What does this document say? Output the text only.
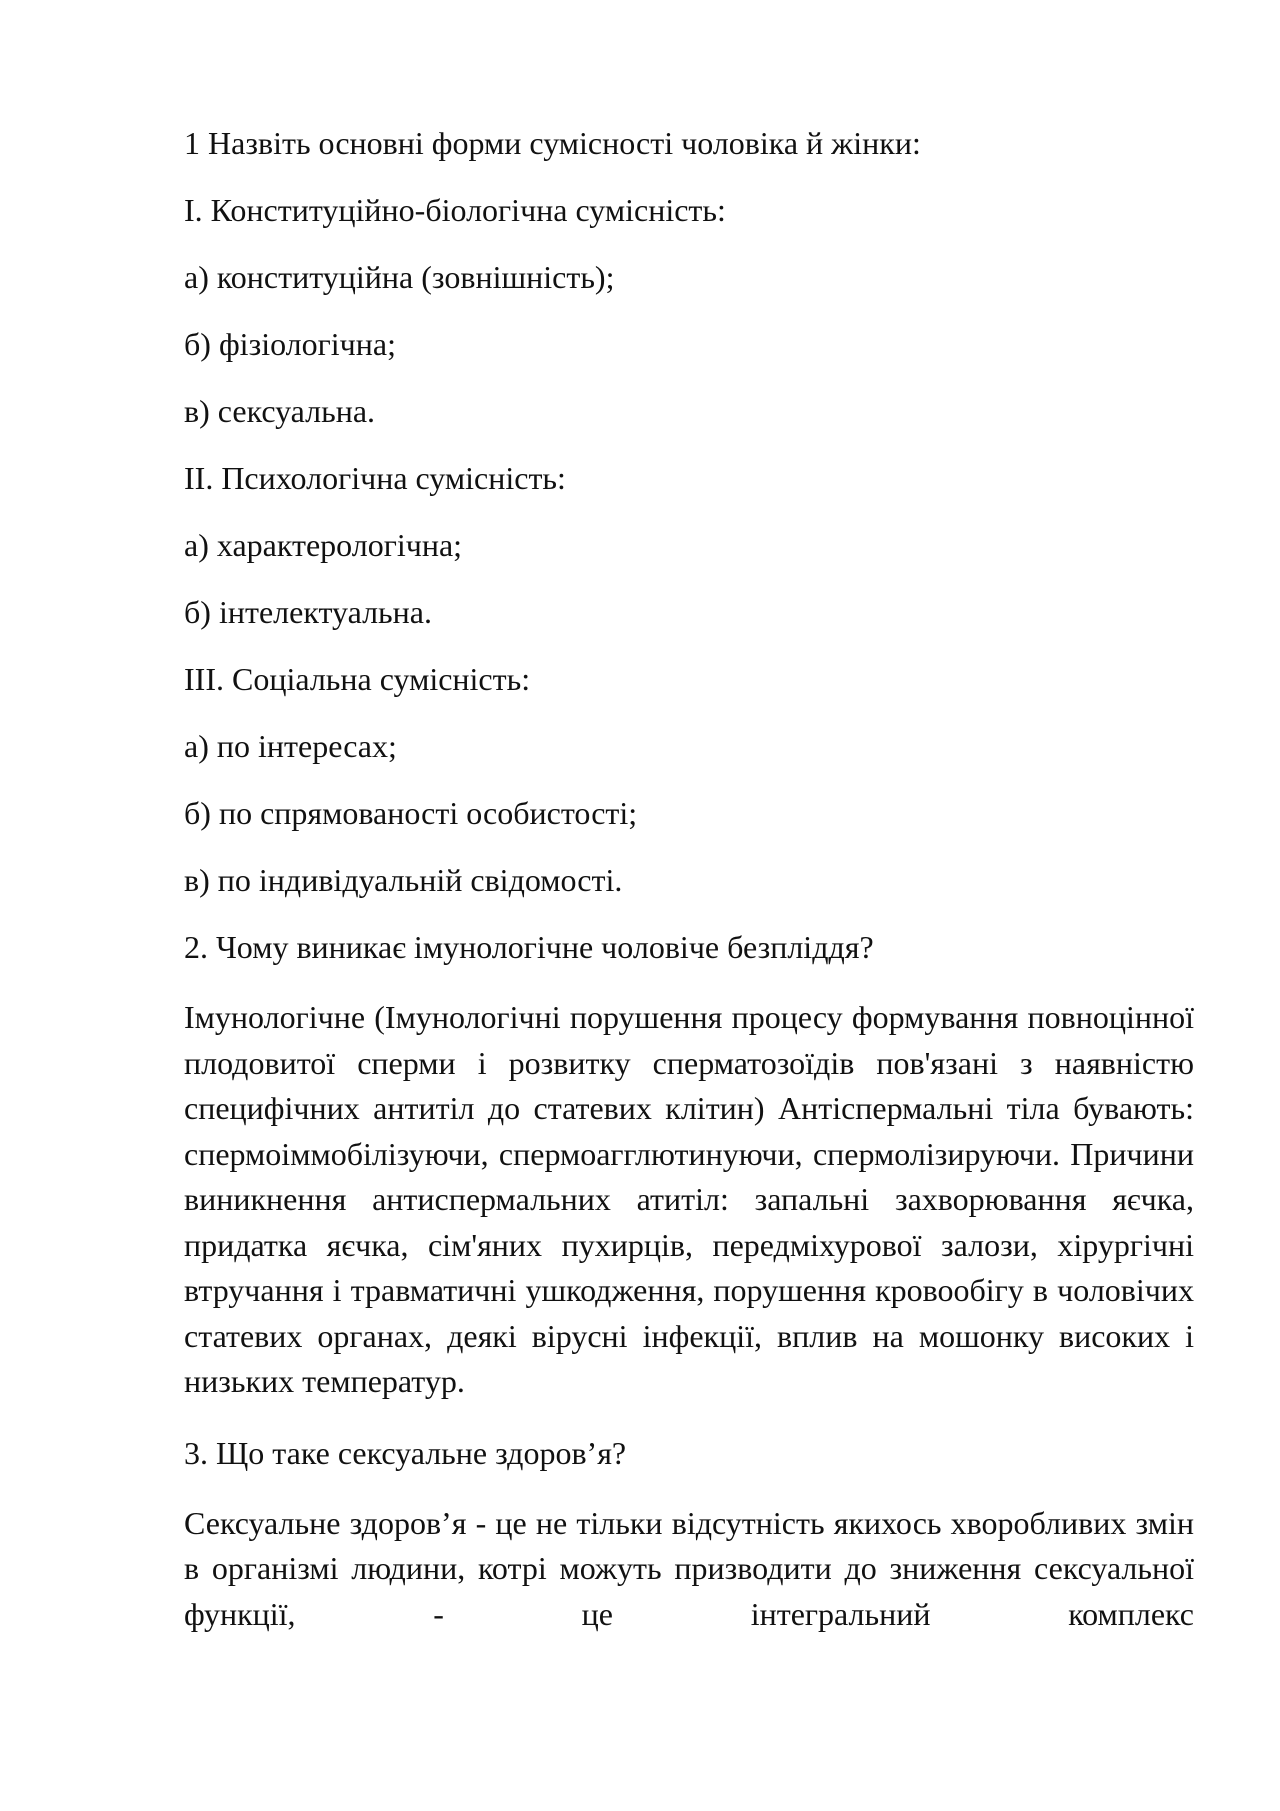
1 Назвіть основні форми сумісності чоловіка й жінки:

I. Конституційно-біологічна сумісність:

а) конституційна (зовнішність);

б) фізіологічна;

в) сексуальна.

II. Психологічна сумісність:

а) характерологічна;

б) інтелектуальна.

III. Соціальна сумісність:

а) по інтересах;

б) по спрямованості особистості;

в) по індивідуальній свідомості.

2. Чому виникає імунологічне чоловіче безпліддя?

Імунологічне (Імунологічні порушення процесу формування повноцінної плодовитої сперми і розвитку сперматозоїдів пов'язані з наявністю специфічних антитіл до статевих клітин) Антіспермальні тіла бувають: спермоіммобілізуючи, спермоагглютинуючи, спермолізируючи. Причини виникнення антиспермальних атитіл: запальні захворювання яєчка, придатка яєчка, сім'яних пухирців, передміхурової залози, хірургічні втручання і травматичні ушкодження, порушення кровообігу в чоловічих статевих органах, деякі вірусні інфекції, вплив на мошонку високих і низьких температур.

3. Що таке сексуальне здоров’я?

Сексуальне здоров’я - це не тільки відсутність якихось хворобливих змін в організмі людини, котрі можуть призводити до зниження сексуальної функції, - це інтегральний комплекс
